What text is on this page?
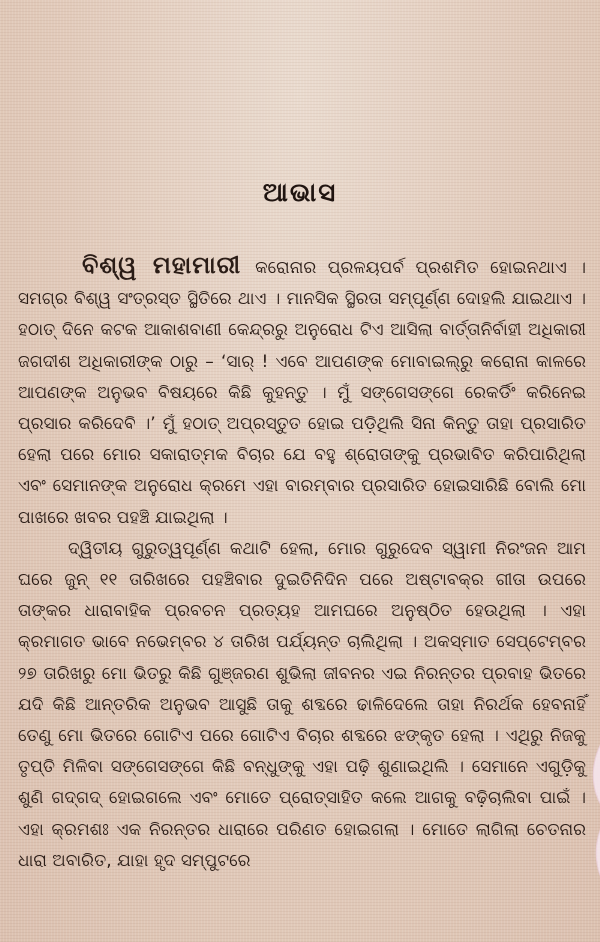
ଆଭାସ

ବିଶ୍ୱ ମହାମାରୀ କରୋନାର ପ୍ରଳୟପର୍ବ ପ୍ରଶମିତ ହୋଇନଥାଏ । ସମଗ୍ର ବିଶ୍ୱ ସଂତ୍ରସ୍ତ ସ୍ଥିତିରେ ଥାଏ । ମାନସିକ ସ୍ଥିରତା ସମ୍ପୂର୍ଣ୍ଣ ଦୋହଲି ଯାଇଥାଏ । ହଠାତ୍ ଦିନେ କଟକ ଆକାଶବାଣୀ କେନ୍ଦ୍ରରୁ ଅନୁରୋଧ ଟିଏ ଆସିଲା ବାର୍ତ୍ତାନିର୍ବାହୀ ଅଧିକାରୀ ଜଗଦୀଶ ଅଧିକାରୀଙ୍କ ଠାରୁ – ‘ସାର୍ ! ଏବେ ଆପଣଙ୍କ ମୋବାଇଲ୍‌ରୁ କରୋନା କାଳରେ ଆପଣଙ୍କ ଅନୁଭବ ବିଷୟରେ କିଛି କୁହନ୍ତୁ । ମୁଁ ସଙ୍ଗେସଙ୍ଗେ ରେକର୍ଡିଂ କରିନେଇ ପ୍ରସାର କରିଦେବି ।’ ମୁଁ ହଠାତ୍ ଅପ୍ରସ୍ତୁତ ହୋଇ ପଡ଼ିଥିଲି ସିନା କିନ୍ତୁ ତାହା ପ୍ରସାରିତ ହେଲା ପରେ ମୋର ସକାରାତ୍ମକ ବିଚାର ଯେ ବହୁ ଶ୍ରୋତାଙ୍କୁ ପ୍ରଭାବିତ କରିପାରିଥିଲା ଏବଂ ସେମାନଙ୍କ ଅନୁରୋଧ କ୍ରମେ ଏହା ବାରମ୍ବାର ପ୍ରସାରିତ ହୋଇସାରିଛି ବୋଲି ମୋ ପାଖରେ ଖବର ପହଞ୍ଚି ଯାଇଥିଲା ।

ଦ୍ୱିତୀୟ ଗୁରୁତ୍ୱପୂର୍ଣ୍ଣ କଥାଟି ହେଲା, ମୋର ଗୁରୁଦେବ ସ୍ୱାମୀ ନିରଂଜନ ଆମ ଘରେ ଜୁନ୍ ୧୧ ତାରିଖରେ ପହଞ୍ଚିବାର ଦୁଇତିନିଦିନ ପରେ ଅଷ୍ଟାବକ୍ର ଗୀତା ଉପରେ ତାଙ୍କର ଧାରାବାହିକ ପ୍ରବଚନ ପ୍ରତ୍ୟହ ଆମଘରେ ଅନୁଷ୍ଠିତ ହେଉଥିଲା । ଏହା କ୍ରମାଗତ ଭାବେ ନଭେମ୍ବର ୪ ତାରିଖ ପର୍ଯ୍ୟନ୍ତ ଚାଲିଥିଲା । ଅକସ୍ମାତ ସେପ୍ଟେମ୍ବର ୨୭ ତାରିଖରୁ ମୋ ଭିତରୁ କିଛି ଗୁଞ୍ଜରଣ ଶୁଭିଲା ଜୀବନର ଏଇ ନିରନ୍ତର ପ୍ରବାହ ଭିତରେ ଯଦି କିଛି ଆନ୍ତରିକ ଅନୁଭବ ଆସୁଛି ତାକୁ ଶବ୍ଦରେ ଢାଳିଦେଲେ ତାହା ନିରର୍ଥକ ହେବନାହିଁ ତେଣୁ ମୋ ଭିତରେ ଗୋଟିଏ ପରେ ଗୋଟିଏ ବିଚାର ଶବ୍ଦରେ ଝଙ୍କୃତ ହେଲା । ଏଥିରୁ ନିଜକୁ ତୃପ୍ତି ମିଳିବା ସଙ୍ଗେସଙ୍ଗେ କିଛି ବନ୍ଧୁଙ୍କୁ ଏହା ପଢ଼ି ଶୁଣାଇଥିଲି । ସେମାନେ ଏଗୁଡ଼ିକୁ ଶୁଣି ଗଦ୍‌ଗଦ୍ ହୋଇଗଲେ ଏବଂ ମୋତେ ପ୍ରୋତ୍ସାହିତ କଲେ ଆଗକୁ ବଢ଼ିଚାଲିବା ପାଇଁ । ଏହା କ୍ରମଶଃ ଏକ ନିରନ୍ତର ଧାରାରେ ପରିଣତ ହୋଇଗଲା । ମୋତେ ଲାଗିଲା ଚେତନାର ଧାରା ଅବାରିତ, ଯାହା ହୃଦ ସମ୍ପୁଟରେ
